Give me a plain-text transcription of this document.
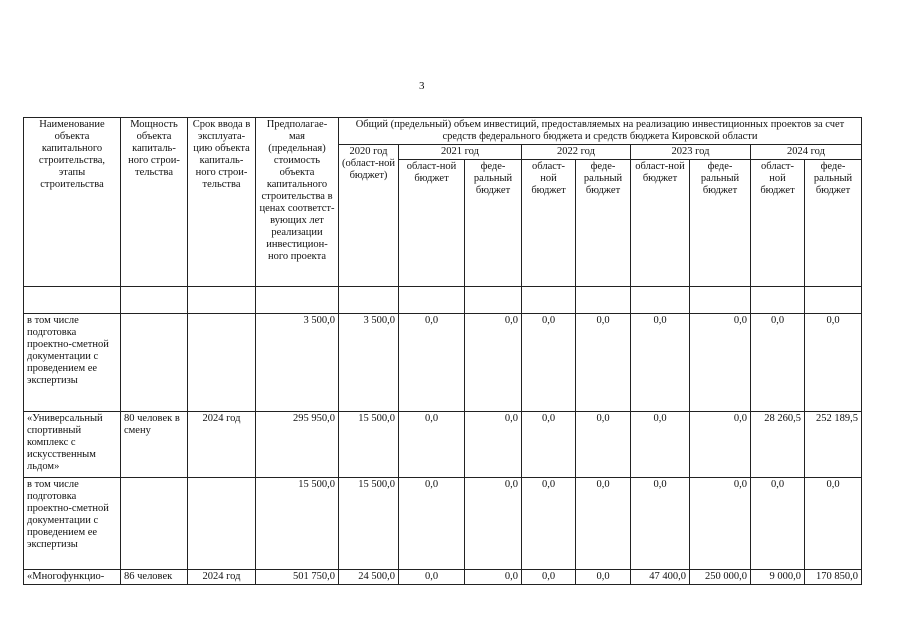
3
Наименование объекта капитального строительства, этапы строительства	Мощность объекта капиталь-ного строи-тельства	Срок ввода в эксплуата-цию объекта капиталь-ного строи-тельства	Предполагае-мая (предельная) стоимость объекта капитального строительства в ценах соответст-вующих лет реализации инвестицион-ного проекта	Общий (предельный) объем инвестиций, предоставляемых на реализацию инвестиционных проектов за счет средств федерального бюджета и средств бюджета Кировской области								
				2020 год (област-ной бюджет)	2021 год		2022 год		2023 год		2024 год	
					област-ной бюджет	феде-ральный бюджет	област-ной бюджет	феде-ральный бюджет	област-ной бюджет	феде-ральный бюджет	област-ной бюджет	феде-ральный бюджет

в том числе подготовка проектно-сметной документации с проведением ее экспертизы			3 500,0	3 500,0	0,0	0,0	0,0	0,0	0,0	0,0	0,0	0,0
«Универсальный спортивный комплекс с искусственным льдом»	80 человек в смену	2024 год	295 950,0	15 500,0	0,0	0,0	0,0	0,0	0,0	0,0	28 260,5	252 189,5
в том числе подготовка проектно-сметной документации с проведением ее экспертизы			15 500,0	15 500,0	0,0	0,0	0,0	0,0	0,0	0,0	0,0	0,0
«Многофункцио-	86 человек	2024 год	501 750,0	24 500,0	0,0	0,0	0,0	0,0	47 400,0	250 000,0	9 000,0	170 850,0
